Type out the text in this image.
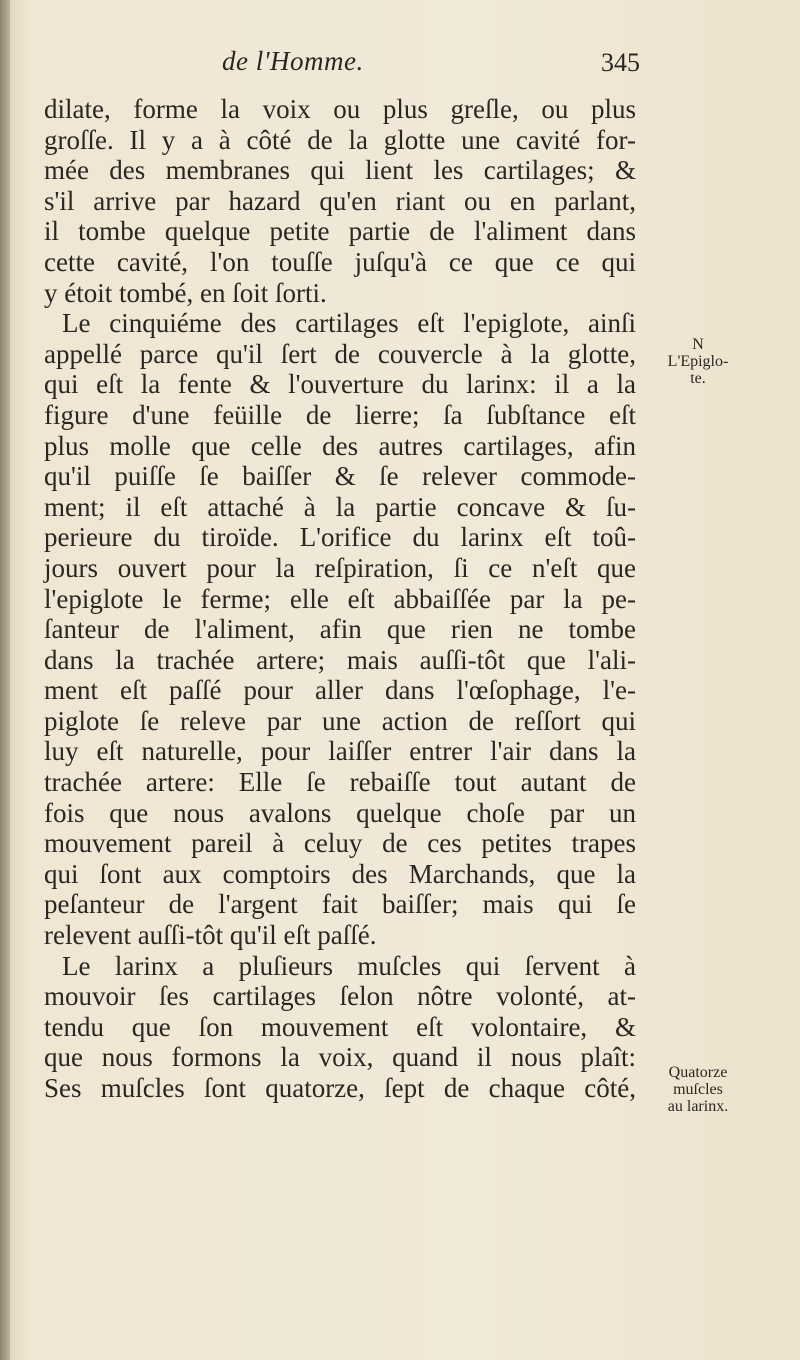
de l'Homme.	345
dilate, forme la voix ou plus greſle, ou plus
groſſe. Il y a à côté de la glotte une cavité for-
mée des membranes qui lient les cartilages; &
s'il arrive par hazard qu'en riant ou en parlant,
il tombe quelque petite partie de l'aliment dans
cette cavité, l'on touſſe juſqu'à ce que ce qui
y étoit tombé, en ſoit ſorti.
Le cinquiéme des cartilages eſt l'epiglote, ainſi
appellé parce qu'il ſert de couvercle à la glotte,
qui eſt la fente & l'ouverture du larinx: il a la
figure d'une feüille de lierre; ſa ſubſtance eſt
plus molle que celle des autres cartilages, afin
qu'il puiſſe ſe baiſſer & ſe relever commode-
ment; il eſt attaché à la partie concave & ſu-
perieure du tiroïde. L'orifice du larinx eſt toû-
jours ouvert pour la reſpiration, ſi ce n'eſt que
l'epiglote le ferme; elle eſt abbaiſſée par la pe-
ſanteur de l'aliment, afin que rien ne tombe
dans la trachée artere; mais auſſi-tôt que l'ali-
ment eſt paſſé pour aller dans l'œſophage, l'e-
piglote ſe releve par une action de reſſort qui
luy eſt naturelle, pour laiſſer entrer l'air dans la
trachée artere: Elle ſe rebaiſſe tout autant de
fois que nous avalons quelque choſe par un
mouvement pareil à celuy de ces petites trapes
qui ſont aux comptoirs des Marchands, que la
peſanteur de l'argent fait baiſſer; mais qui ſe
relevent auſſi-tôt qu'il eſt paſſé.
Le larinx a pluſieurs muſcles qui ſervent à
mouvoir ſes cartilages ſelon nôtre volonté, at-
tendu que ſon mouvement eſt volontaire, &
que nous formons la voix, quand il nous plaît:
Ses muſcles ſont quatorze, ſept de chaque côté,
N
L'Epiglo-
te.
Quatorze
muſcles
au larinx.
